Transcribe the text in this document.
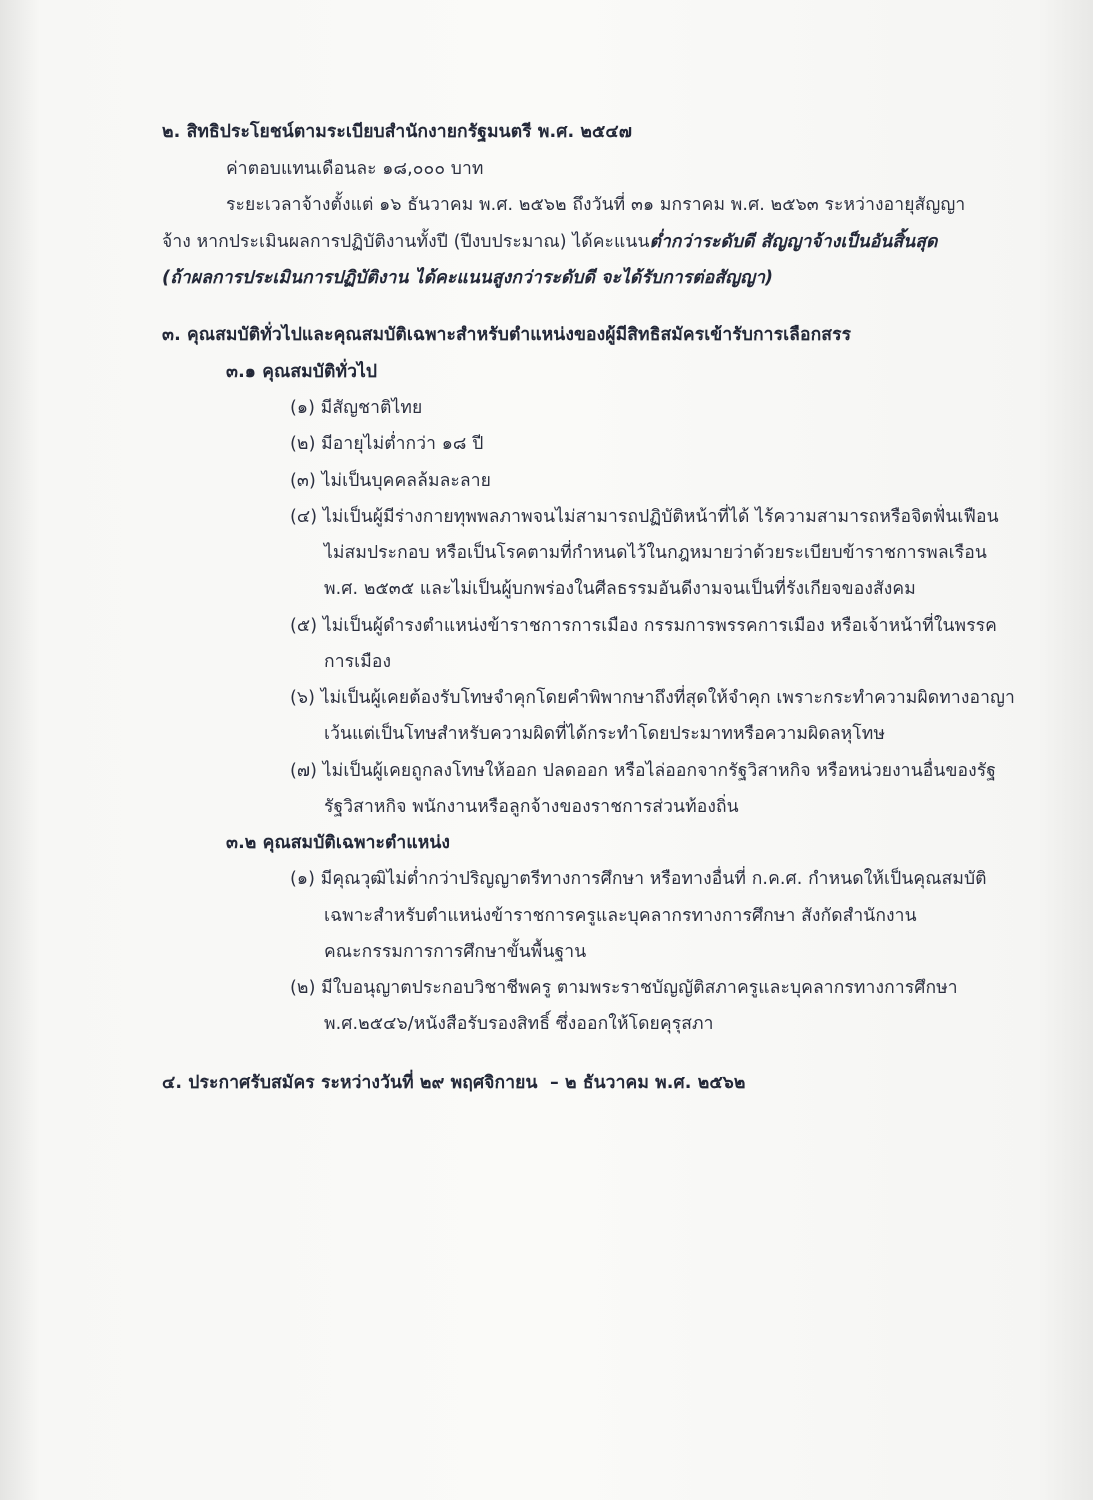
๒. สิทธิประโยชน์ตามระเบียบสำนักงายกรัฐมนตรี พ.ศ. ๒๕๔๗

ค่าตอบแทนเดือนละ ๑๘,๐๐๐ บาท

ระยะเวลาจ้างตั้งแต่ ๑๖ ธันวาคม พ.ศ. ๒๕๖๒ ถึงวันที่ ๓๑ มกราคม พ.ศ. ๒๕๖๓ ระหว่างอายุสัญญา

จ้าง หากประเมินผลการปฏิบัติงานทั้งปี (ปีงบประมาณ) ได้คะแนนต่ำกว่าระดับดี สัญญาจ้างเป็นอันสิ้นสุด

(ถ้าผลการประเมินการปฏิบัติงาน ได้คะแนนสูงกว่าระดับดี จะได้รับการต่อสัญญา)

๓. คุณสมบัติทั่วไปและคุณสมบัติเฉพาะสำหรับตำแหน่งของผู้มีสิทธิสมัครเข้ารับการเลือกสรร

๓.๑ คุณสมบัติทั่วไป

(๑) มีสัญชาติไทย

(๒) มีอายุไม่ต่ำกว่า ๑๘ ปี

(๓) ไม่เป็นบุคคลล้มละลาย

(๔) ไม่เป็นผู้มีร่างกายทุพพลภาพจนไม่สามารถปฏิบัติหน้าที่ได้ ไร้ความสามารถหรือจิตฟั่นเฟือน

ไม่สมประกอบ หรือเป็นโรคตามที่กำหนดไว้ในกฎหมายว่าด้วยระเบียบข้าราชการพลเรือน

พ.ศ. ๒๕๓๕ และไม่เป็นผู้บกพร่องในศีลธรรมอันดีงามจนเป็นที่รังเกียจของสังคม

(๕) ไม่เป็นผู้ดำรงตำแหน่งข้าราชการการเมือง กรรมการพรรคการเมือง หรือเจ้าหน้าที่ในพรรค

การเมือง

(๖) ไม่เป็นผู้เคยต้องรับโทษจำคุกโดยคำพิพากษาถึงที่สุดให้จำคุก เพราะกระทำความผิดทางอาญา

เว้นแต่เป็นโทษสำหรับความผิดที่ได้กระทำโดยประมาทหรือความผิดลหุโทษ

(๗) ไม่เป็นผู้เคยถูกลงโทษให้ออก ปลดออก หรือไล่ออกจากรัฐวิสาหกิจ หรือหน่วยงานอื่นของรัฐ

รัฐวิสาหกิจ พนักงานหรือลูกจ้างของราชการส่วนท้องถิ่น

๓.๒ คุณสมบัติเฉพาะตำแหน่ง

(๑) มีคุณวุฒิไม่ต่ำกว่าปริญญาตรีทางการศึกษา หรือทางอื่นที่ ก.ค.ศ. กำหนดให้เป็นคุณสมบัติ

เฉพาะสำหรับตำแหน่งข้าราชการครูและบุคลากรทางการศึกษา สังกัดสำนักงาน

คณะกรรมการการศึกษาขั้นพื้นฐาน

(๒) มีใบอนุญาตประกอบวิชาชีพครู ตามพระราชบัญญัติสภาครูและบุคลากรทางการศึกษา

พ.ศ.๒๕๔๖/หนังสือรับรองสิทธิ์ ซึ่งออกให้โดยคุรุสภา

๔. ประกาศรับสมัคร ระหว่างวันที่ ๒๙ พฤศจิกายน  – ๒ ธันวาคม พ.ศ. ๒๕๖๒
